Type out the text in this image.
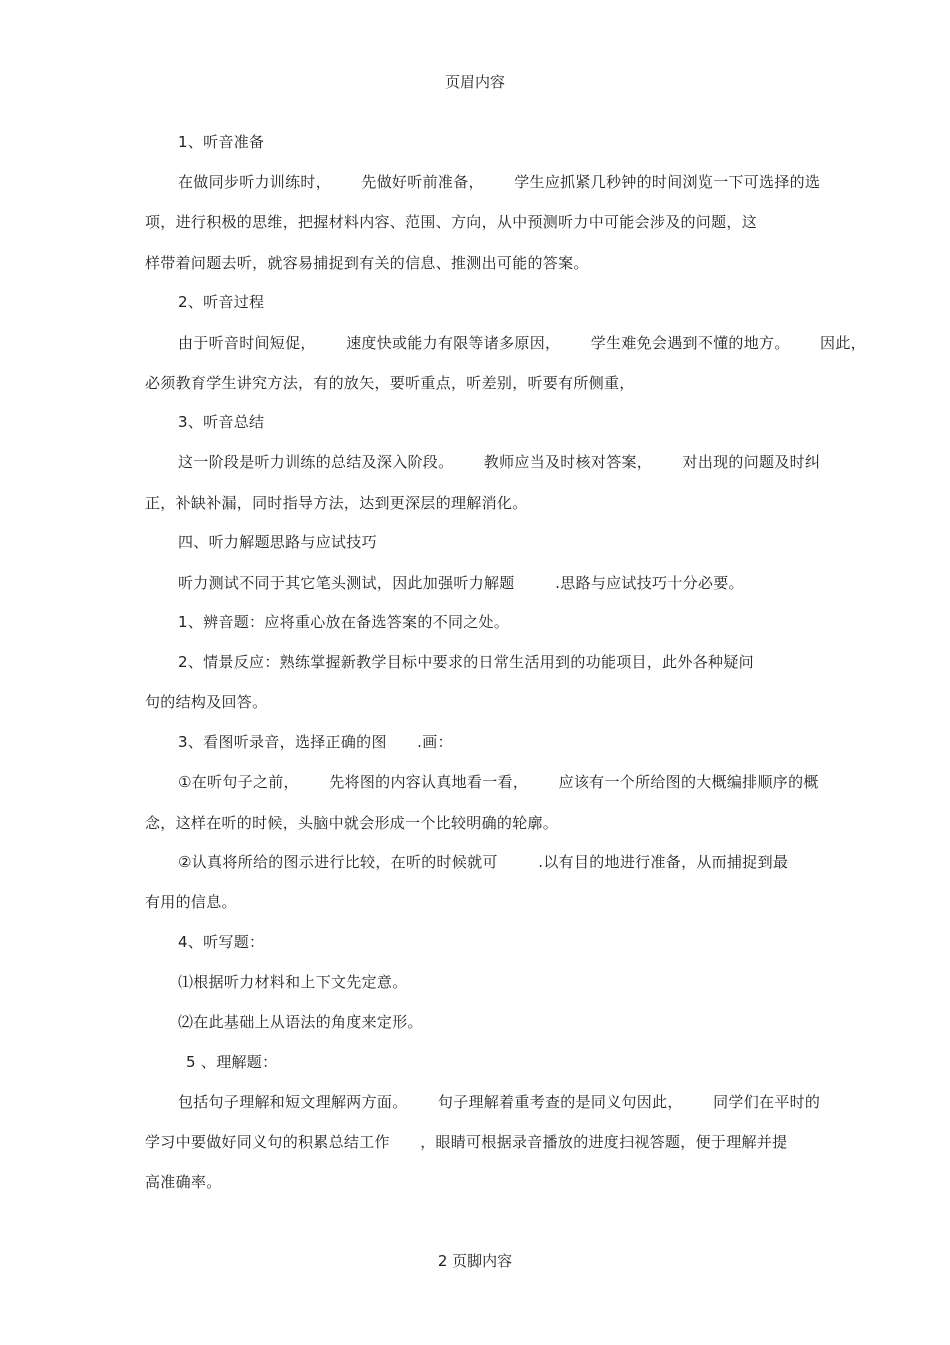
页眉内容
1、听音准备
在做同步听力训练时，      先做好听前准备，      学生应抓紧几秒钟的时间浏览一下可选择的选
项，进行积极的思维，把握材料内容、范围、方向，从中预测听力中可能会涉及的问题，这
样带着问题去听，就容易捕捉到有关的信息、推测出可能的答案。
2、听音过程
由于听音时间短促，      速度快或能力有限等诸多原因，      学生难免会遇到不懂的地方。      因此，
必须教育学生讲究方法，有的放矢，要听重点，听差别，听要有所侧重，
3、听音总结
这一阶段是听力训练的总结及深入阶段。      教师应当及时核对答案，      对出现的问题及时纠
正，补缺补漏，同时指导方法，达到更深层的理解消化。
四、听力解题思路与应试技巧
听力测试不同于其它笔头测试，因此加强听力解题        .思路与应试技巧十分必要。
1、辨音题：应将重心放在备选答案的不同之处。
2、情景反应：熟练掌握新教学目标中要求的日常生活用到的功能项目，此外各种疑问
句的结构及回答。
3、看图听录音，选择正确的图      .画：
①在听句子之前，      先将图的内容认真地看一看，      应该有一个所给图的大概编排顺序的概
念，这样在听的时候，头脑中就会形成一个比较明确的轮廓。
②认真将所给的图示进行比较，在听的时候就可        .以有目的地进行准备，从而捕捉到最
有用的信息。
4、听写题：
⑴根据听力材料和上下文先定意。
⑵在此基础上从语法的角度来定形。
5 、理解题：
包括句子理解和短文理解两方面。      句子理解着重考查的是同义句因此，      同学们在平时的
学习中要做好同义句的积累总结工作      ，眼睛可根据录音播放的进度扫视答题，便于理解并提
高准确率。
2 页脚内容
